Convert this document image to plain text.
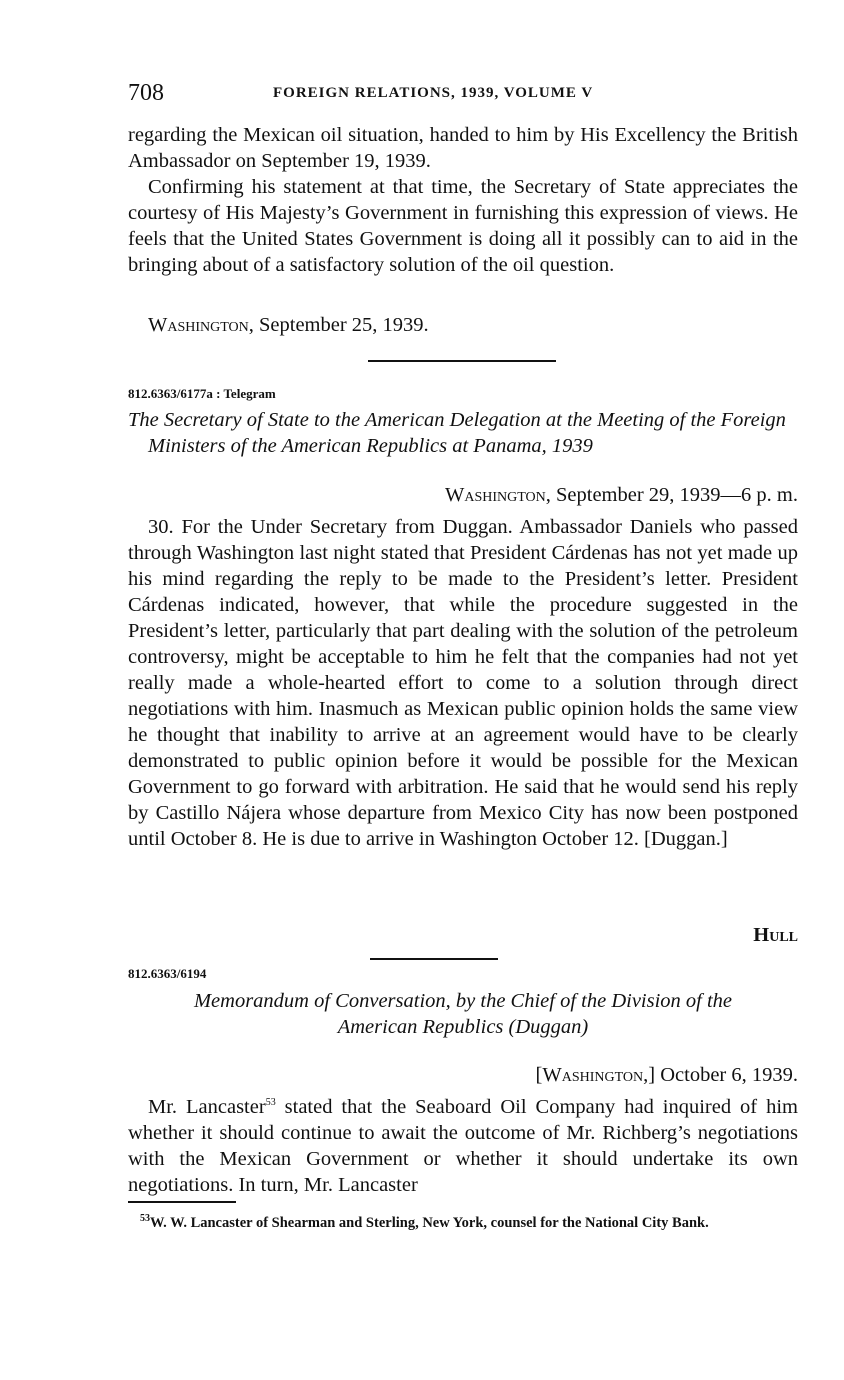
708	FOREIGN RELATIONS, 1939, VOLUME V

regarding the Mexican oil situation, handed to him by His Excellency the British Ambassador on September 19, 1939.

Confirming his statement at that time, the Secretary of State appreciates the courtesy of His Majesty’s Government in furnishing this expression of views. He feels that the United States Government is doing all it possibly can to aid in the bringing about of a satisfactory solution of the oil question.

Washington, September 25, 1939.

812.6363/6177a : Telegram

The Secretary of State to the American Delegation at the Meeting of the Foreign Ministers of the American Republics at Panama, 1939

Washington, September 29, 1939—6 p. m.

30. For the Under Secretary from Duggan. Ambassador Daniels who passed through Washington last night stated that President Cárdenas has not yet made up his mind regarding the reply to be made to the President’s letter. President Cárdenas indicated, however, that while the procedure suggested in the President’s letter, particularly that part dealing with the solution of the petroleum controversy, might be acceptable to him he felt that the companies had not yet really made a whole-hearted effort to come to a solution through direct negotiations with him. Inasmuch as Mexican public opinion holds the same view he thought that inability to arrive at an agreement would have to be clearly demonstrated to public opinion before it would be possible for the Mexican Government to go forward with arbitration. He said that he would send his reply by Castillo Nájera whose departure from Mexico City has now been postponed until October 8. He is due to arrive in Washington October 12. [Duggan.]

Hull
812.6363/6194

Memorandum of Conversation, by the Chief of the Division of the
American Republics (Duggan)

[Washington,] October 6, 1939.

Mr. Lancaster$^{53}$ stated that the Seaboard Oil Company had inquired of him whether it should continue to await the outcome of Mr. Richberg’s negotiations with the Mexican Government or whether it should undertake its own negotiations. In turn, Mr. Lancaster

$^{53}$W. W. Lancaster of Shearman and Sterling, New York, counsel for the National City Bank.
